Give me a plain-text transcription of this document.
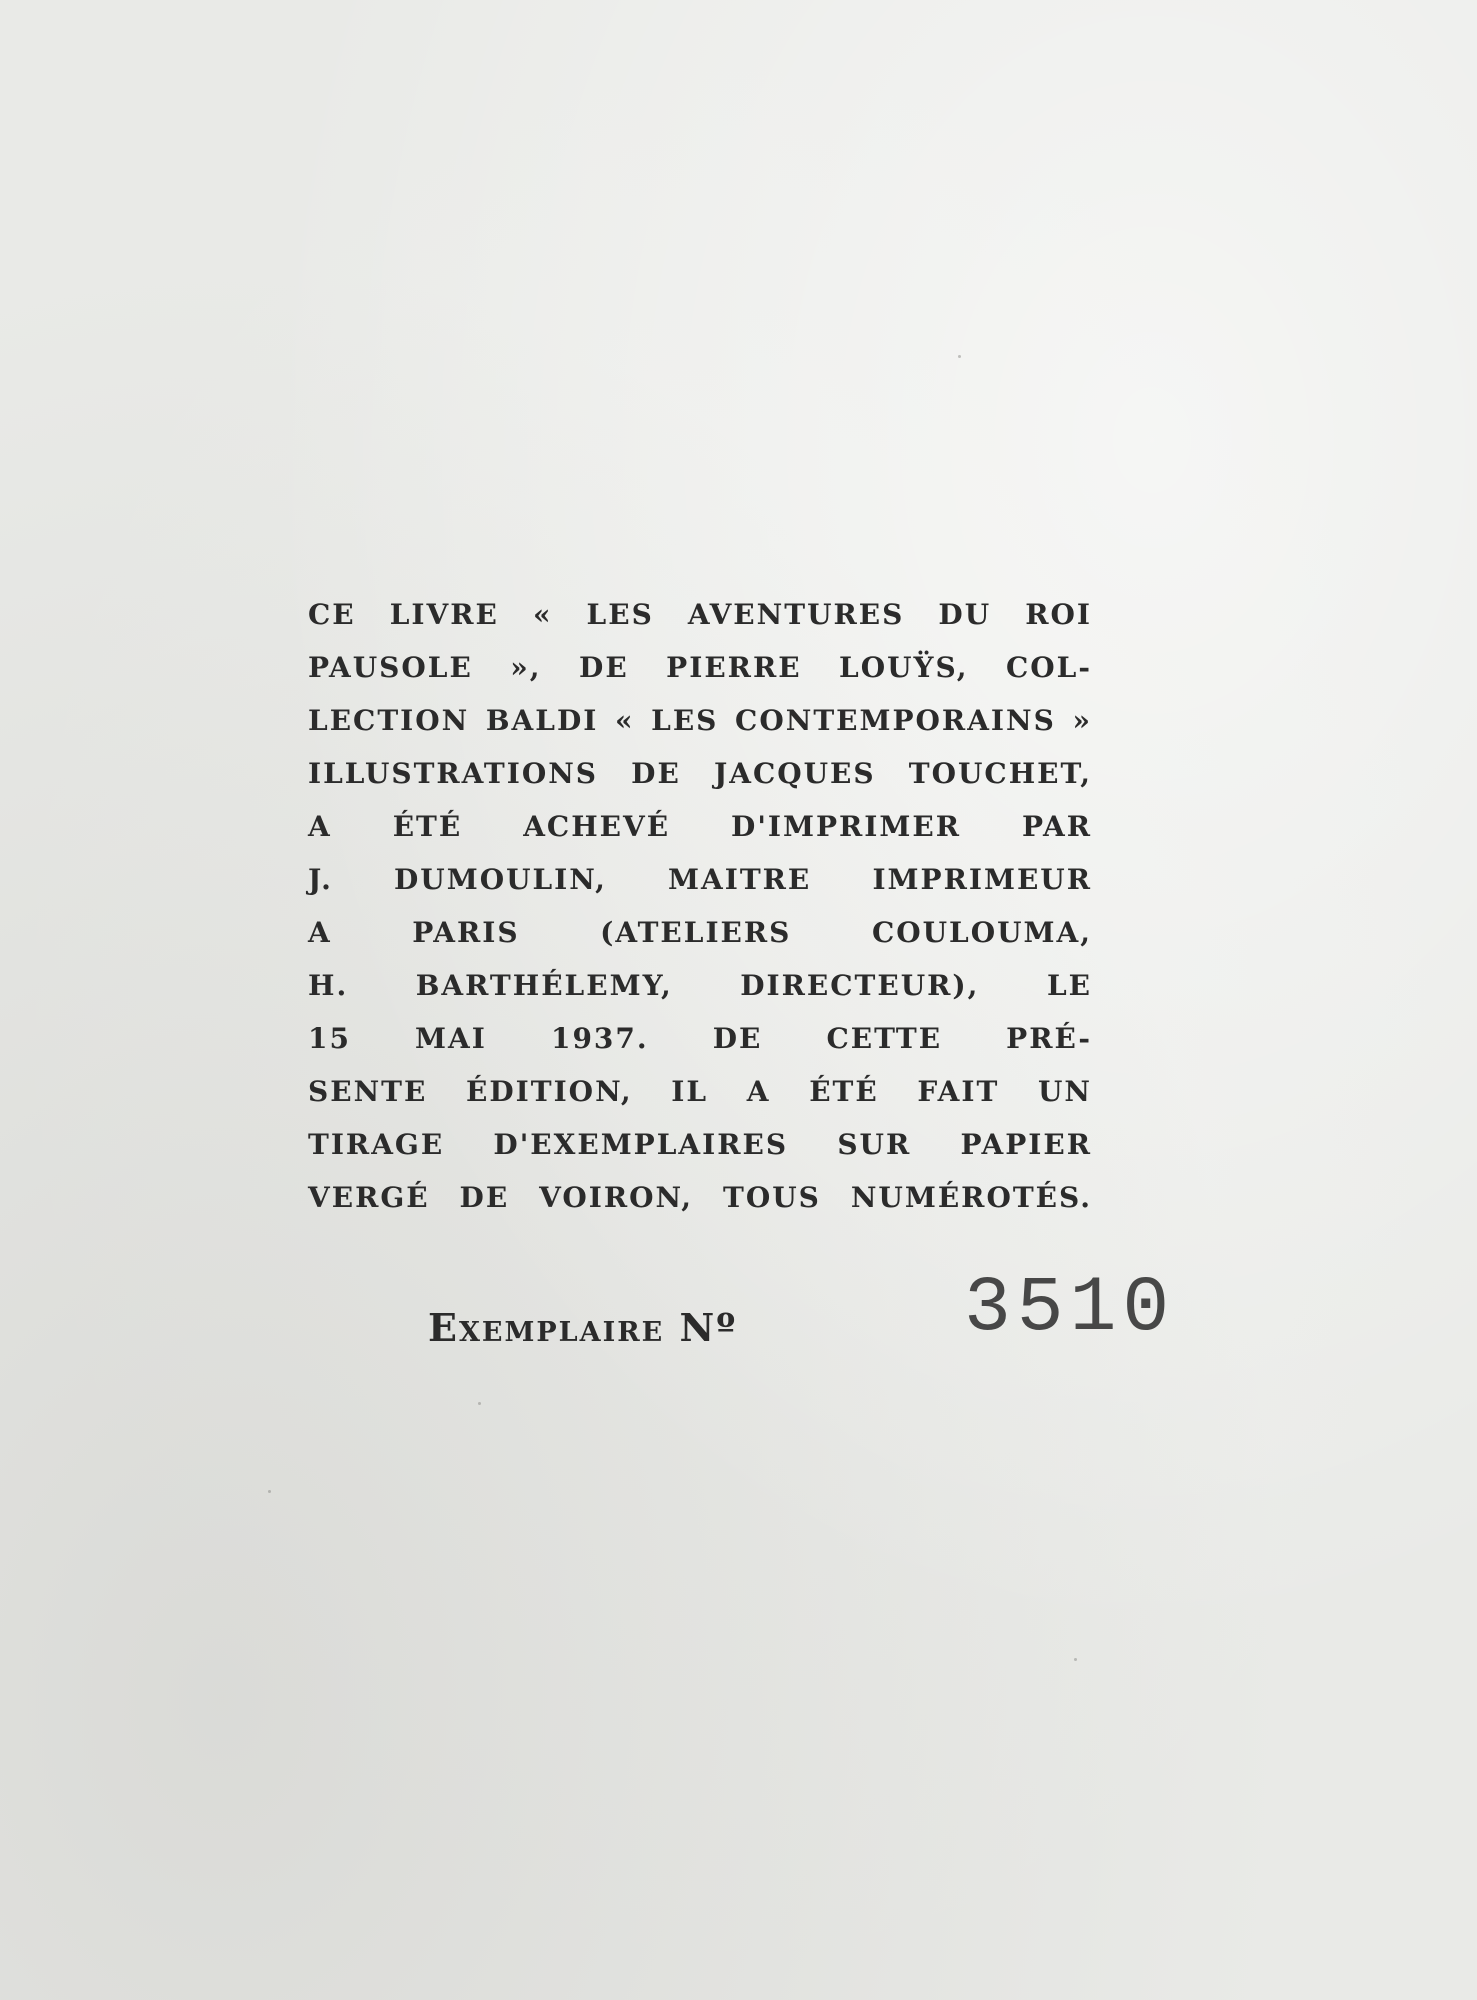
CE LIVRE « LES AVENTURES DU ROI
PAUSOLE », DE PIERRE LOUŸS, COL-
LECTION BALDI « LES CONTEMPORAINS »
ILLUSTRATIONS DE JACQUES TOUCHET,
A ÉTÉ ACHEVÉ D'IMPRIMER PAR
J. DUMOULIN, MAITRE IMPRIMEUR
A PARIS (ATELIERS COULOUMA,
H. BARTHÉLEMY, DIRECTEUR), LE
15 MAI 1937. DE CETTE PRÉ-
SENTE ÉDITION, IL A ÉTÉ FAIT UN
TIRAGE D'EXEMPLAIRES SUR PAPIER
VERGÉ DE VOIRON, TOUS NUMÉROTÉS.
Exemplaire Nº	3510
